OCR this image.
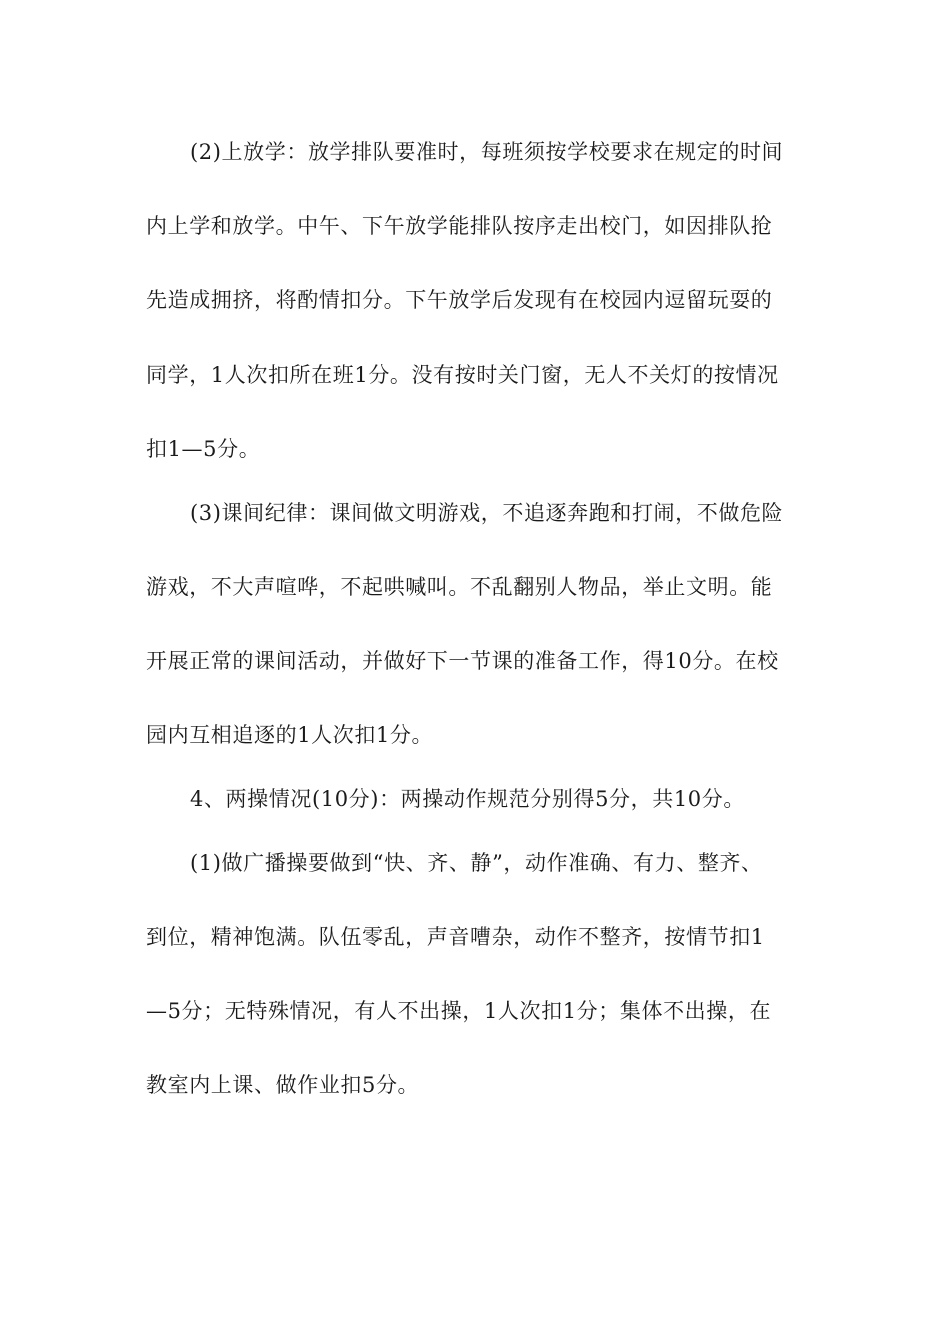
(2)上放学：放学排队要准时，每班须按学校要求在规定的时间
内上学和放学。中午、下午放学能排队按序走出校门，如因排队抢
先造成拥挤，将酌情扣分。下午放学后发现有在校园内逗留玩耍的
同学，1人次扣所在班1分。没有按时关门窗，无人不关灯的按情况
扣1—5分。
(3)课间纪律：课间做文明游戏，不追逐奔跑和打闹，不做危险
游戏，不大声喧哗，不起哄喊叫。不乱翻别人物品，举止文明。能
开展正常的课间活动，并做好下一节课的准备工作，得10分。在校
园内互相追逐的1人次扣1分。
4、两操情况(10分)：两操动作规范分别得5分，共10分。
(1)做广播操要做到“快、齐、静”，动作准确、有力、整齐、
到位，精神饱满。队伍零乱，声音嘈杂，动作不整齐，按情节扣1
—5分；无特殊情况，有人不出操，1人次扣1分；集体不出操，在
教室内上课、做作业扣5分。
